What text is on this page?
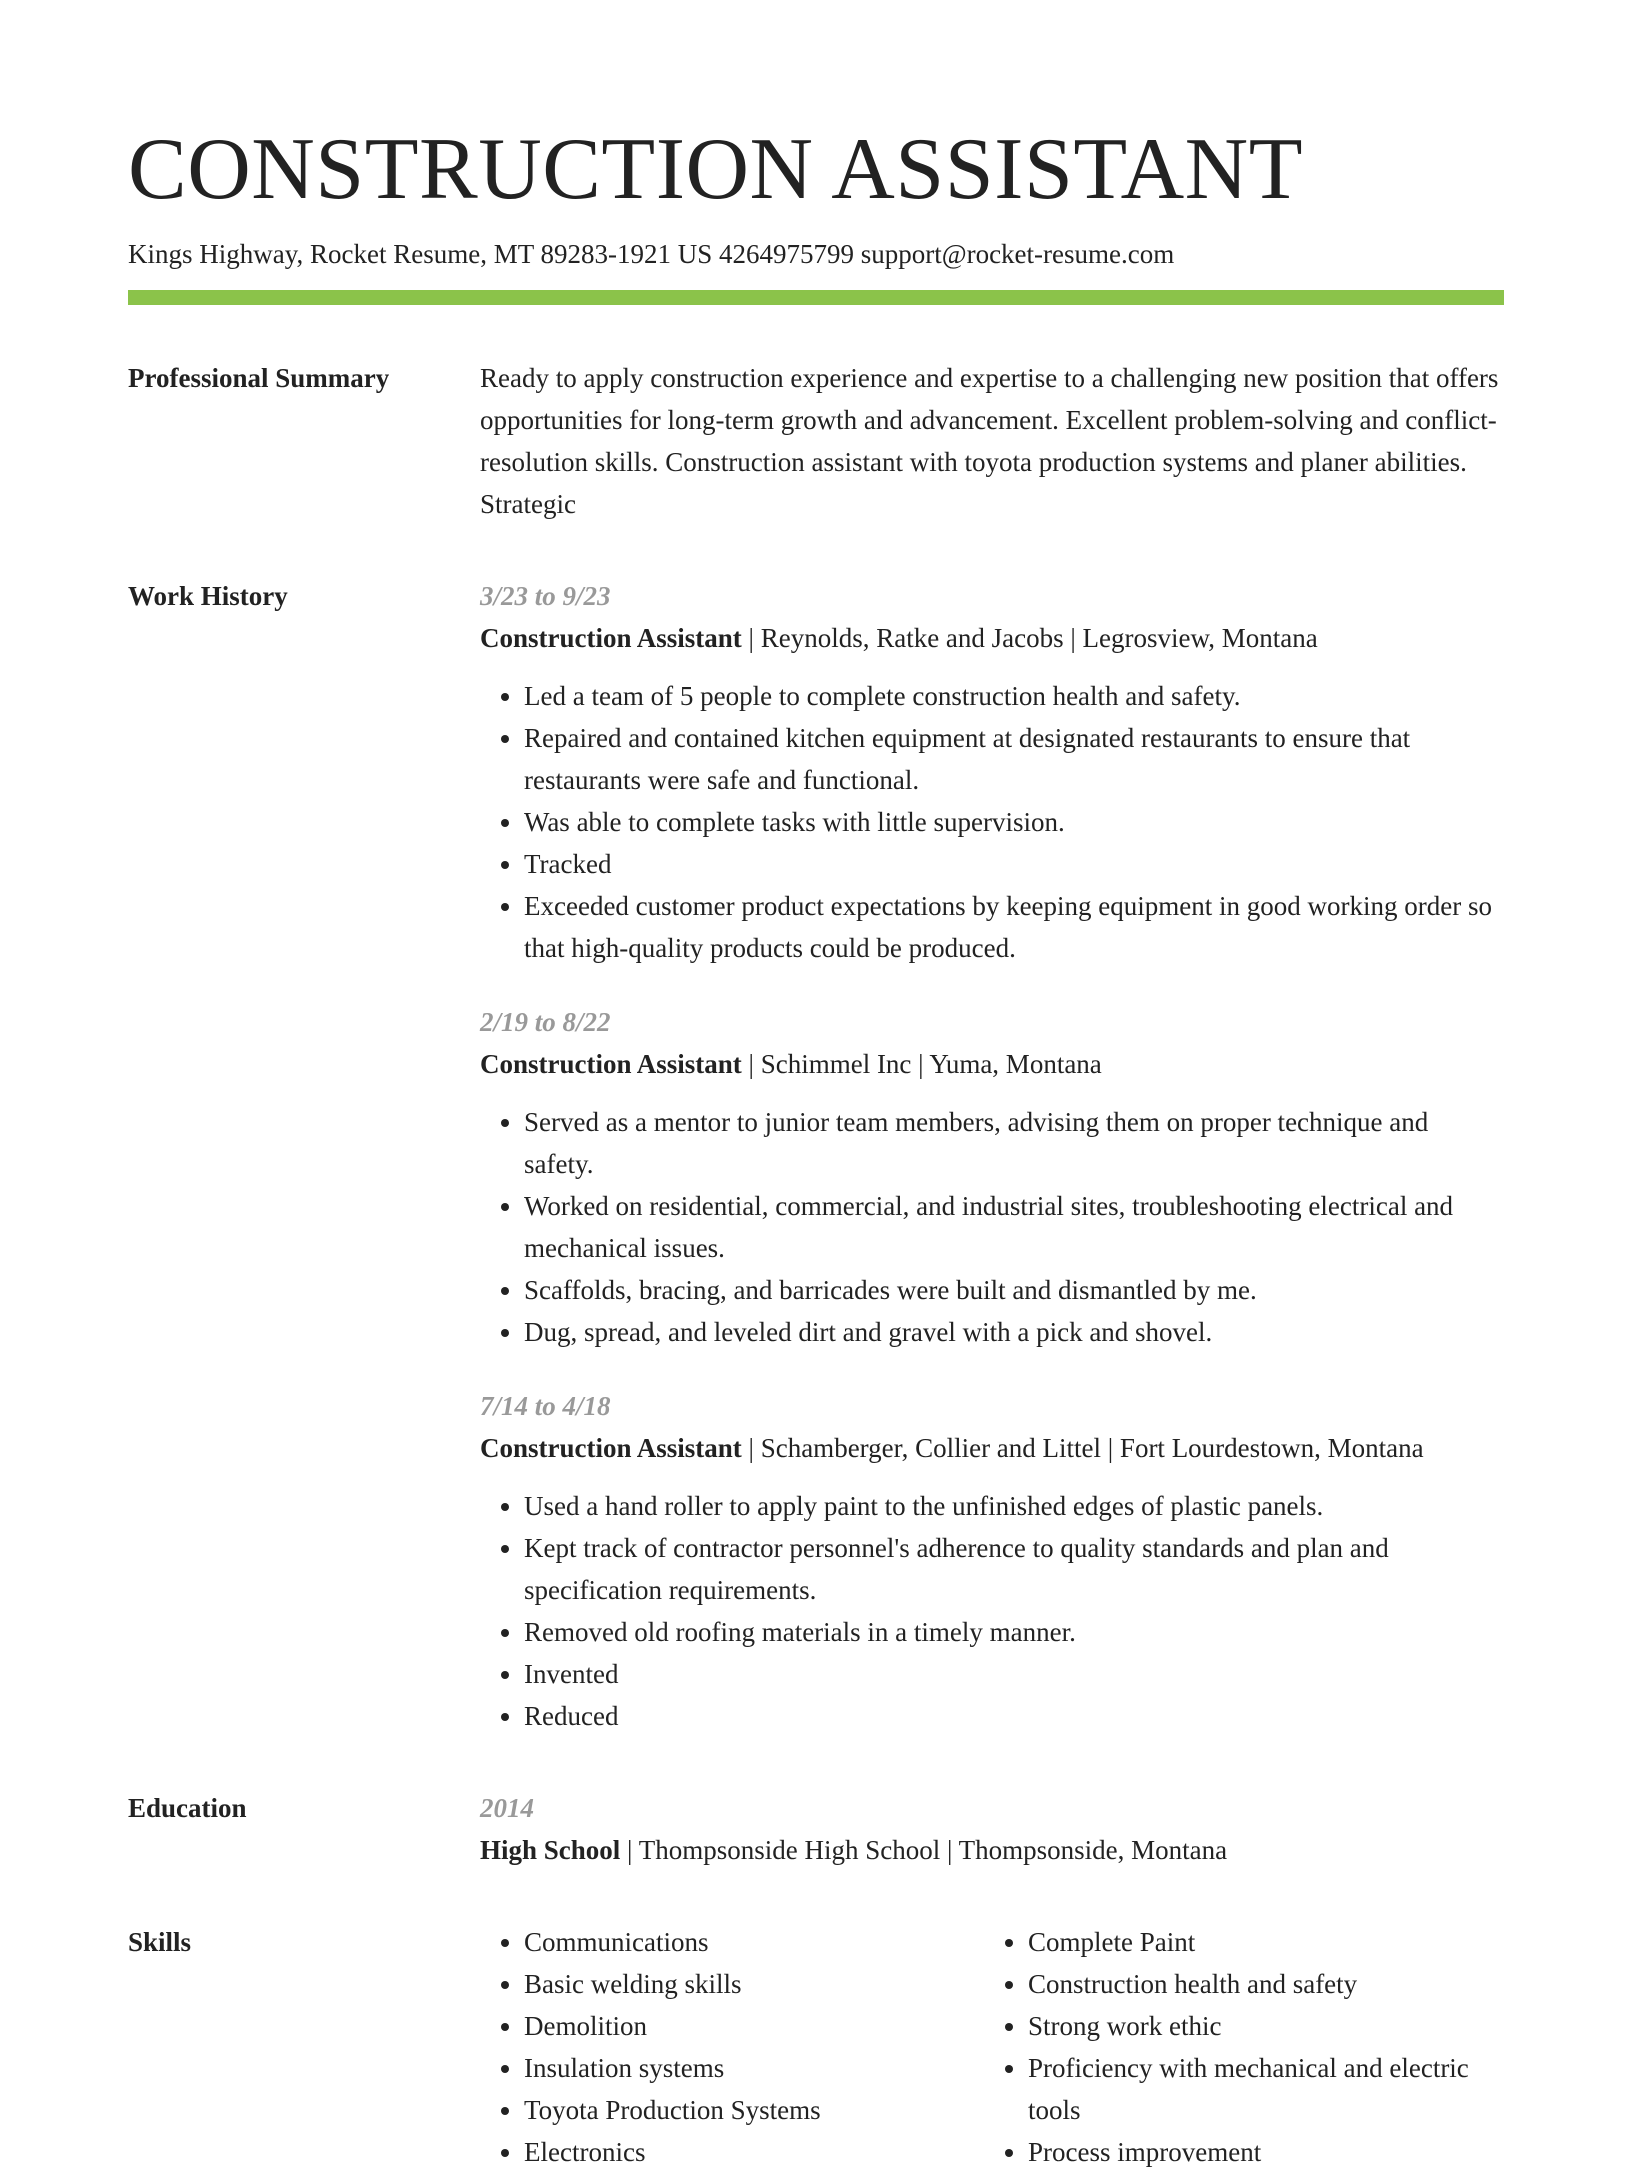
CONSTRUCTION ASSISTANT
Kings Highway, Rocket Resume, MT 89283-1921 US 4264975799 support@rocket-resume.com
Professional Summary	Ready to apply construction experience and expertise to a challenging new position that offers opportunities for long-term growth and advancement. Excellent problem-solving and conflict-resolution skills. Construction assistant with toyota production systems and planer abilities. Strategic

Work History	3/23 to 9/23
Construction Assistant | Reynolds, Ratke and Jacobs | Legrosview, Montana
• Led a team of 5 people to complete construction health and safety.
• Repaired and contained kitchen equipment at designated restaurants to ensure that restaurants were safe and functional.
• Was able to complete tasks with little supervision.
• Tracked
• Exceeded customer product expectations by keeping equipment in good working order so that high-quality products could be produced.
2/19 to 8/22
Construction Assistant | Schimmel Inc | Yuma, Montana
• Served as a mentor to junior team members, advising them on proper technique and safety.
• Worked on residential, commercial, and industrial sites, troubleshooting electrical and mechanical issues.
• Scaffolds, bracing, and barricades were built and dismantled by me.
• Dug, spread, and leveled dirt and gravel with a pick and shovel.
7/14 to 4/18
Construction Assistant | Schamberger, Collier and Littel | Fort Lourdestown, Montana
• Used a hand roller to apply paint to the unfinished edges of plastic panels.
• Kept track of contractor personnel's adherence to quality standards and plan and specification requirements.
• Removed old roofing materials in a timely manner.
• Invented
• Reduced
Education	2014
High School | Thompsonside High School | Thompsonside, Montana
Skills
•	Communications
• Basic welding skills
• Demolition
• Insulation systems
• Toyota Production Systems
• Electronics
• Complete Paint
• Construction health and safety
• Strong work ethic
• Proficiency with mechanical and electric tools
• Process improvement
